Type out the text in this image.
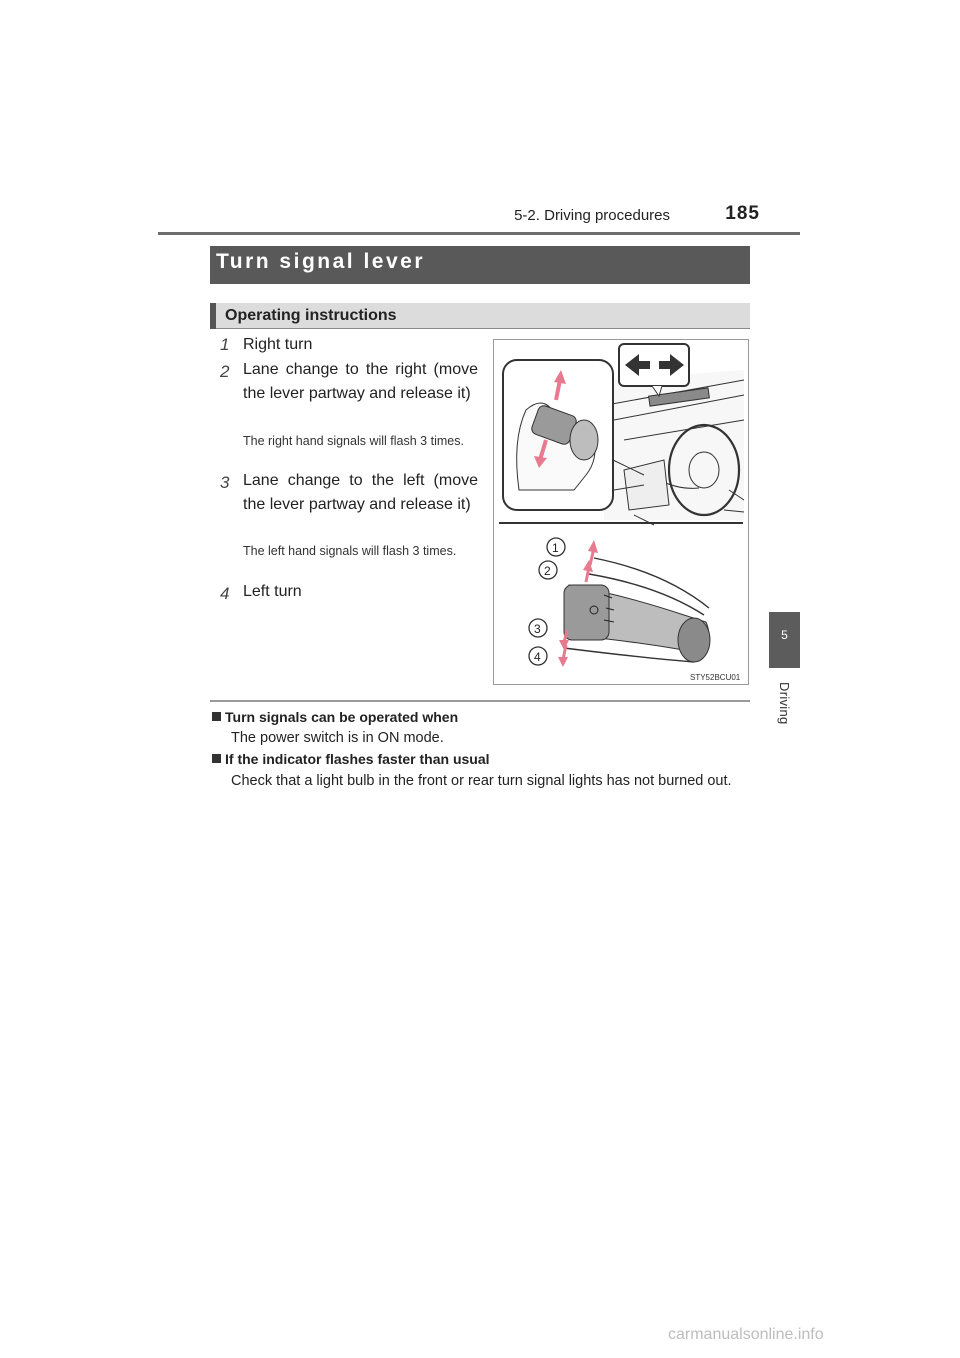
5-2. Driving procedures	185
5
Driving
Turn signal lever
Operating instructions
1 Right turn
2 Lane change to the right (move the lever partway and release it)
The right hand signals will flash 3 times.
3 Lane change to the left (move the lever partway and release it)
The left hand signals will flash 3 times.
4 Left turn
1
2
3
4
STY52BCU01
Turn signals can be operated when
The power switch is in ON mode.
If the indicator flashes faster than usual
Check that a light bulb in the front or rear turn signal lights has not burned out.
carmanualsonline.info
